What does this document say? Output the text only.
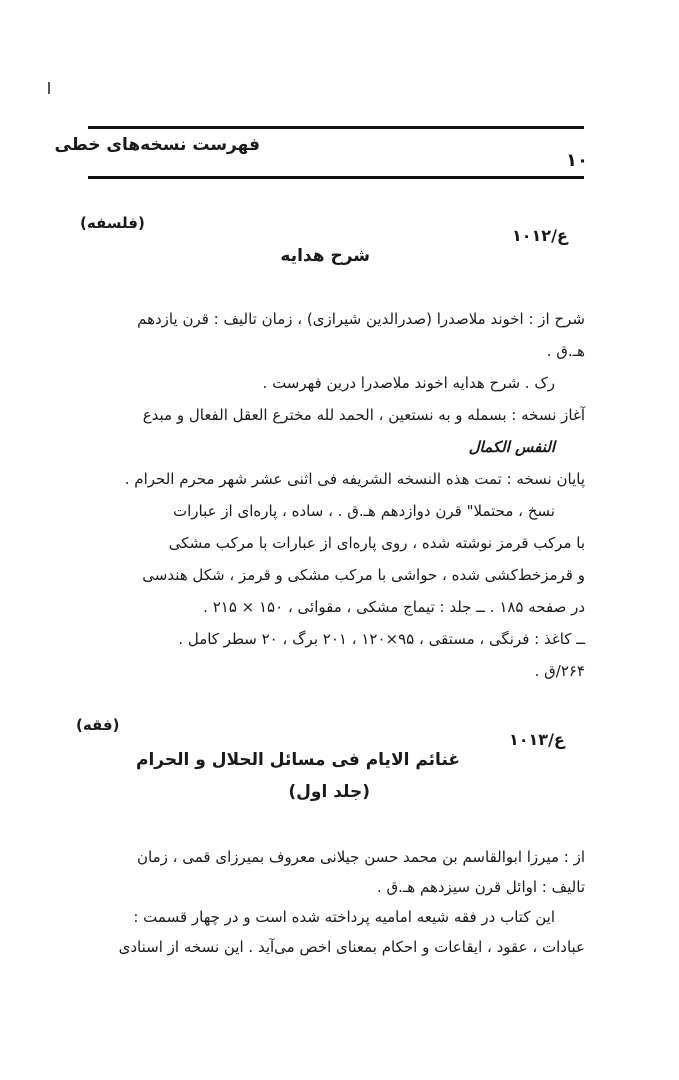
فهرست نسخه‌های خطی
۱۰
(فلسفه)
۱۰۱۲/ع
شرح هدایه
شرح از : اخوند ملاصدرا (صدرالدین شیرازی) ، زمان تالیف : قرن یازدهم
هـ.ق .
رک . شرح هدایه اخوند ملاصدرا درین فهرست .
آغاز نسخه : بسمله و به نستعین ، الحمد لله مخترع العقل الفعال و مبدع
النفس الکمال
پایان نسخه : تمت هذه النسخه الشریفه فی اثنی عشر شهر محرم الحرام .
نسخ ، محتملا" قرن دوازدهم هـ.ق . ، ساده ، پاره‌ای از عبارات
با مرکب قرمز نوشته شده ، روی پاره‌ای از عبارات با مرکب مشکی
و قرمزخط‌کشی شده ، حواشی با مرکب مشکی و قرمز ، شکل هندسی
در صفحه ۱۸۵ . ــ جلد : تیماج مشکی ، مقوائی ، ۱۵۰ × ۲۱۵ .
ــ کاغذ : فرنگی ، مستقی ، ۹۵×۱۲۰ ، ۲۰۱ برگ ، ۲۰ سطر کامل .
۲۶۴/ق .
(فقه)
۱۰۱۳/ع
غنائم الایام فی مسائل الحلال و الحرام
(جلد اول)
از : میرزا ابوالقاسم بن محمد حسن جیلانی معروف بمیرزای قمی ، زمان
تالیف : اوائل قرن سیزدهم هـ.ق .
این کتاب در فقه شیعه امامیه پرداخته شده است و در چهار قسمت :
عبادات ، عقود ، ایقاعات و احکام بمعنای اخص می‌آید . این نسخه از اسنادی
